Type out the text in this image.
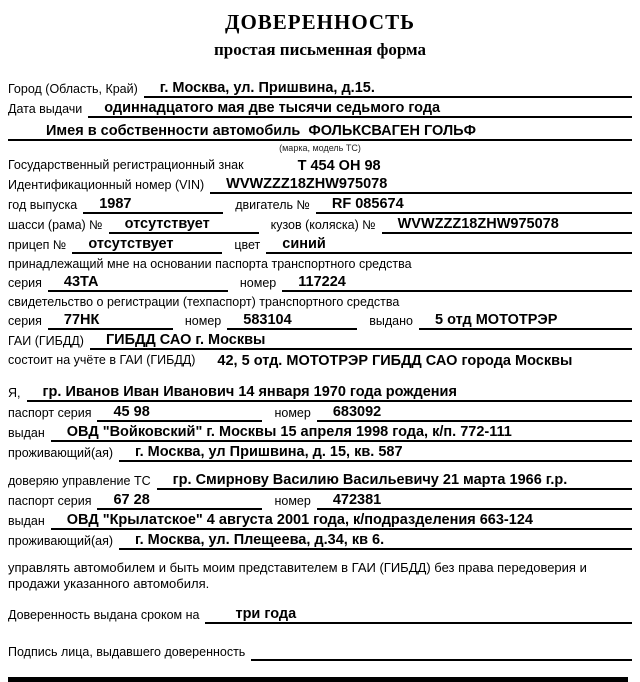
ДОВЕРЕННОСТЬ
простая письменная форма
Город (Область, Край)	г. Москва, ул. Пришвина, д.15.
Дата выдачи	одиннадцатого мая две тысячи седьмого года
Имея в собственности автомобиль ФОЛЬКСВАГЕН ГОЛЬФ
(марка, модель ТС)
Государственный регистрационный знак	Т 454 ОН 98
Идентификационный номер (VIN)	WVWZZZ18ZHW975078
год выпуска	1987	двигатель №	RF 085674
шасси (рама) №	отсутствует	кузов (коляска) №	WVWZZZ18ZHW975078
прицеп №	отсутствует	цвет	синий
принадлежащий мне на основании паспорта транспортного средства
серия	43ТА	номер	117224
свидетельство о регистрации (техпаспорт) транспортного средства
серия	77НК	номер	583104	выдано	5 отд МОТОТРЭР
ГАИ (ГИБДД)	ГИБДД САО г. Москвы
состоит на учёте в ГАИ (ГИБДД)	42, 5 отд. МОТОТРЭР ГИБДД САО города Москвы
Я,	гр. Иванов Иван Иванович 14 января 1970 года рождения
паспорт серия	45 98	номер	683092
выдан	ОВД "Войковский" г. Москвы 15 апреля 1998 года, к/п. 772-111
проживающий(ая)	г. Москва, ул Пришвина, д. 15, кв. 587
доверяю управление ТС	гр. Смирнову Василию Васильевичу 21 марта 1966 г.р.
паспорт серия	67 28	номер	472381
выдан	ОВД "Крылатское" 4 августа 2001 года, к/подразделения 663-124
проживающий(ая)	г. Москва, ул. Плещеева, д.34, кв 6.
управлять автомобилем и быть моим представителем в ГАИ (ГИБДД) без права передоверия и продажи указанного автомобиля.
Доверенность выдана сроком на	три года
Подпись лица, выдавшего доверенность
